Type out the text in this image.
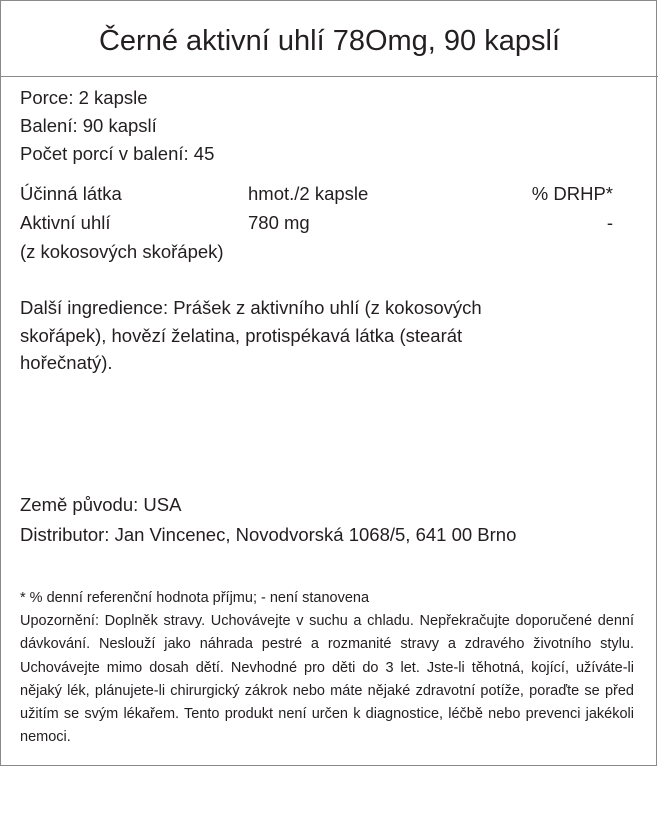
Černé aktivní uhlí 78Omg, 90 kapslí
Porce: 2 kapsle
Balení: 90 kapslí
Počet porcí v balení: 45
Účinná látka	hmot./2 kapsle	% DRHP*
Aktivní uhlí	780 mg	-
(z kokosových skořápek)
Další ingredience: Prášek z aktivního uhlí (z kokosových skořápek), hovězí želatina, protispékavá látka (stearát hořečnatý).
Země původu: USA
Distributor: Jan Vincenec, Novodvorská 1068/5, 641 00 Brno
* % denní referenční hodnota příjmu; - není stanovena
Upozornění: Doplněk stravy. Uchovávejte v suchu a chladu. Nepřekračujte doporučené denní dávkování. Neslouží jako náhrada pestré a rozmanité stravy a zdravého životního stylu. Uchovávejte mimo dosah dětí. Nevhodné pro děti do 3 let. Jste-li těhotná, kojící, užíváte-li nějaký lék, plánujete-li chirurgický zákrok nebo máte nějaké zdravotní potíže, poraďte se před užitím se svým lékařem. Tento produkt není určen k diagnostice, léčbě nebo prevenci jakékoli nemoci.
